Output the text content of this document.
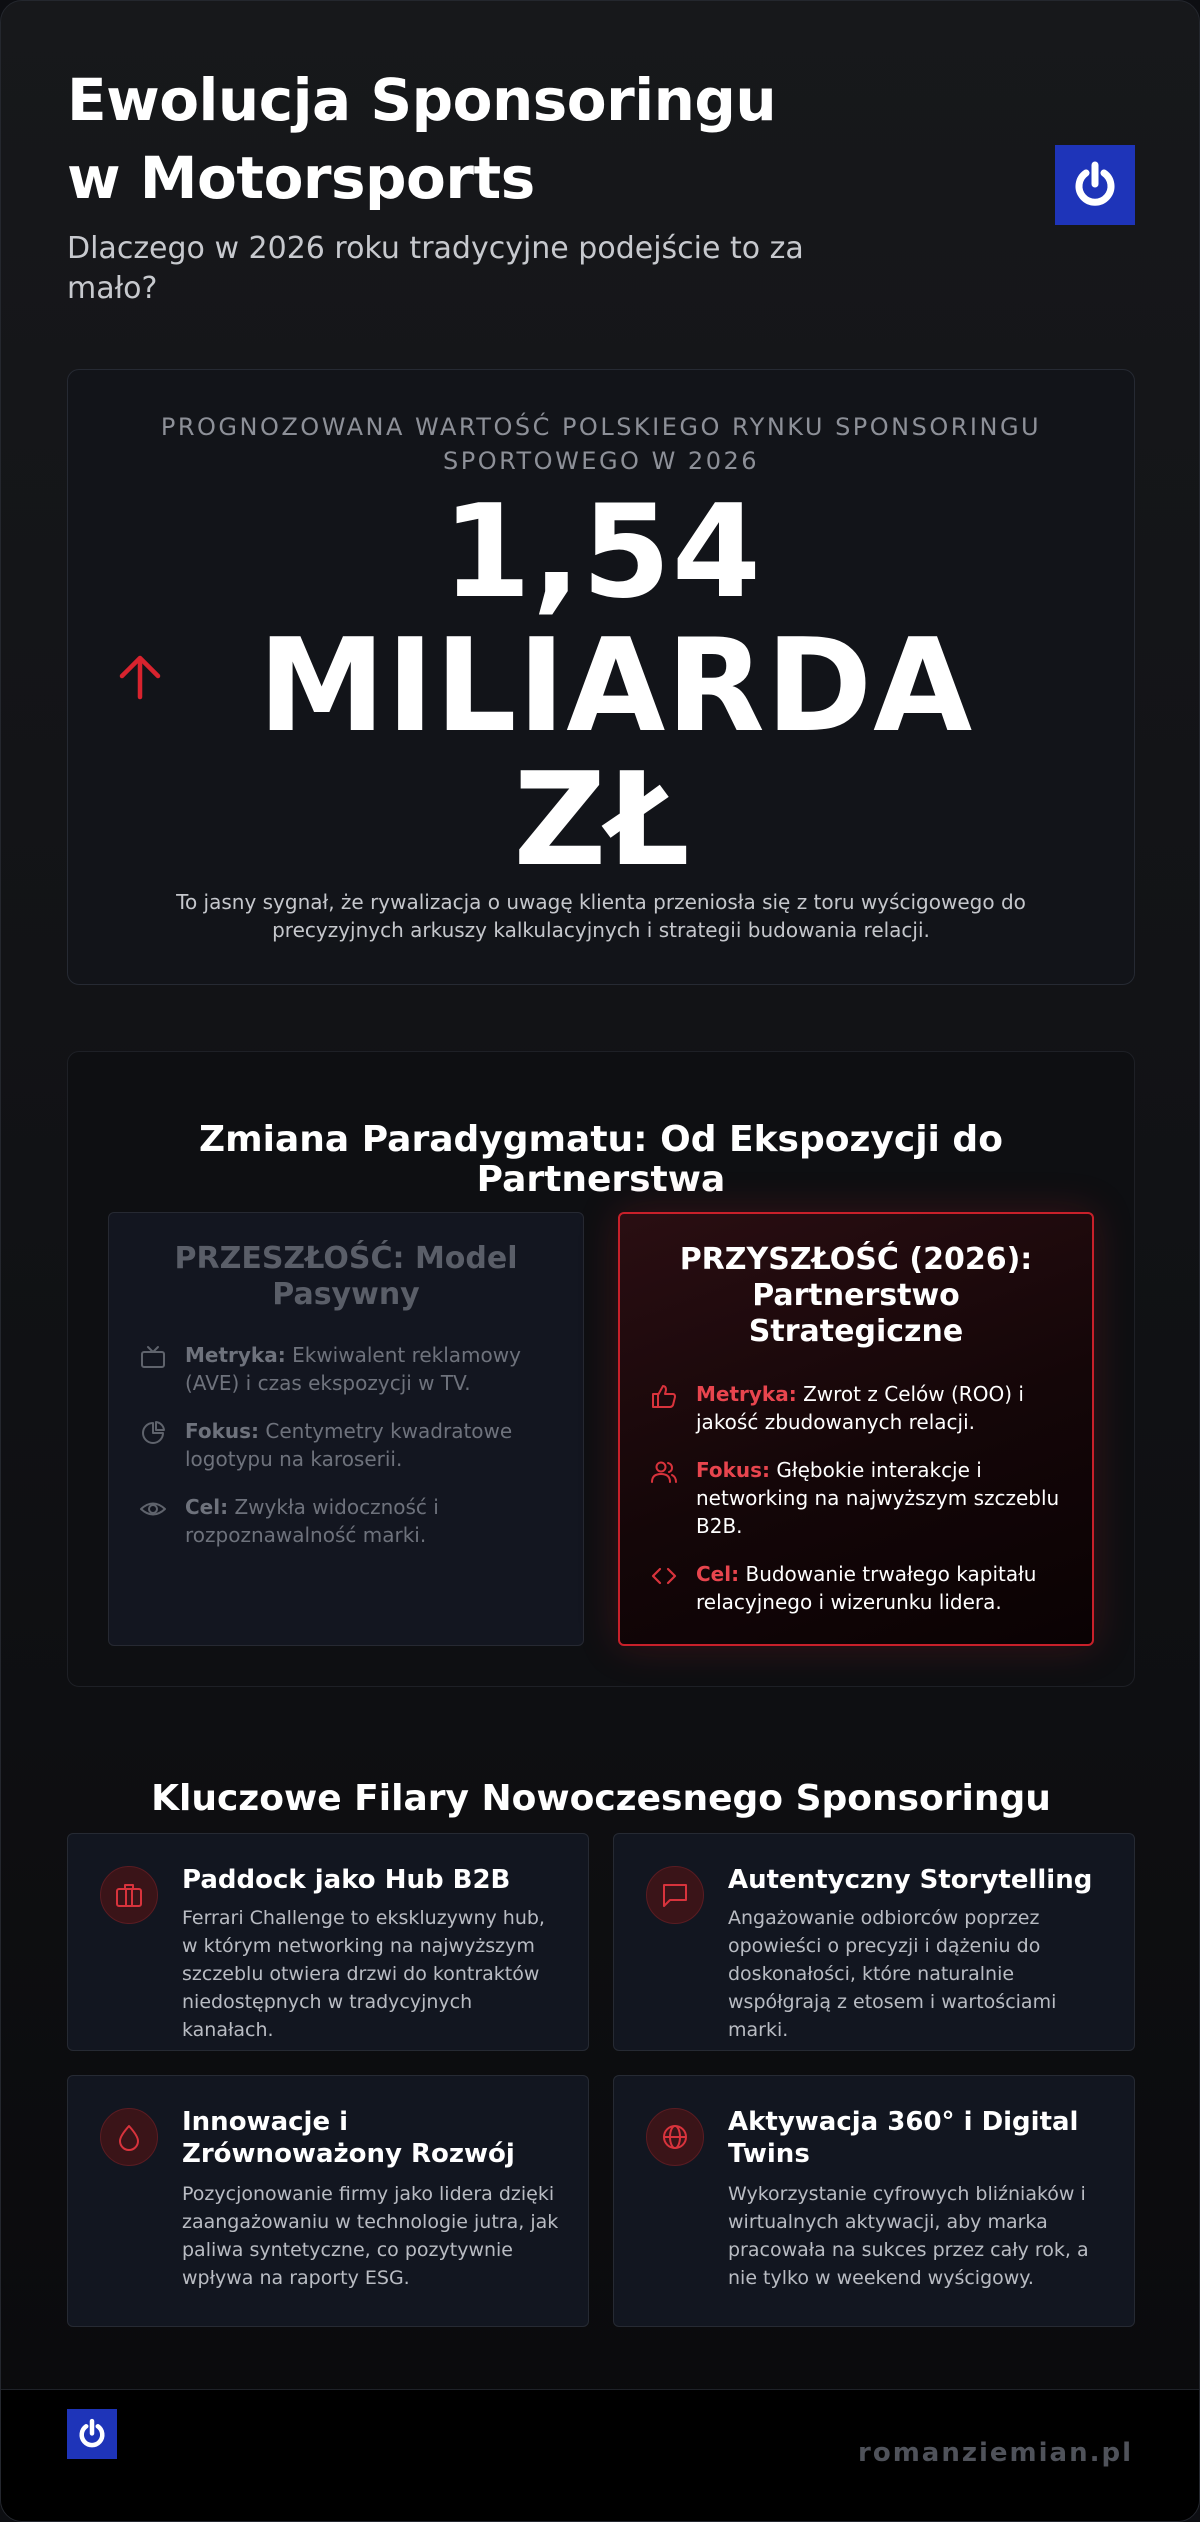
Ewolucja Sponsoringu w Motorsports

Dlaczego w 2026 roku tradycyjne podejście to za mało?

PROGNOZOWANA WARTOŚĆ POLSKIEGO RYNKU SPONSORINGU SPORTOWEGO W 2026
1,54 MILIARDA ZŁ
To jasny sygnał, że rywalizacja o uwagę klienta przeniosła się z toru wyścigowego do precyzyjnych arkuszy kalkulacyjnych i strategii budowania relacji.
Zmiana Paradygmatu: Od Ekspozycji do Partnerstwa
PRZESZŁOŚĆ: Model Pasywny
Metryka: Ekwiwalent reklamowy (AVE) i czas ekspozycji w TV.
Fokus: Centymetry kwadratowe logotypu na karoserii.
Cel: Zwykła widoczność i rozpoznawalność marki.
PRZYSZŁOŚĆ (2026): Partnerstwo Strategiczne
Metryka: Zwrot z Celów (ROO) i jakość zbudowanych relacji.
Fokus: Głębokie interakcje i networking na najwyższym szczeblu B2B.
Cel: Budowanie trwałego kapitału relacyjnego i wizerunku lidera.
Kluczowe Filary Nowoczesnego Sponsoringu
Paddock jako Hub B2B
Ferrari Challenge to ekskluzywny hub, w którym networking na najwyższym szczeblu otwiera drzwi do kontraktów niedostępnych w tradycyjnych kanałach.
Autentyczny Storytelling
Angażowanie odbiorców poprzez opowieści o precyzji i dążeniu do doskonałości, które naturalnie współgrają z etosem i wartościami marki.
Innowacje i Zrównoważony Rozwój
Pozycjonowanie firmy jako lidera dzięki zaangażowaniu w technologie jutra, jak paliwa syntetyczne, co pozytywnie wpływa na raporty ESG.
Aktywacja 360° i Digital Twins
Wykorzystanie cyfrowych bliźniaków i wirtualnych aktywacji, aby marka pracowała na sukces przez cały rok, a nie tylko w weekend wyścigowy.
romanziemian.pl
